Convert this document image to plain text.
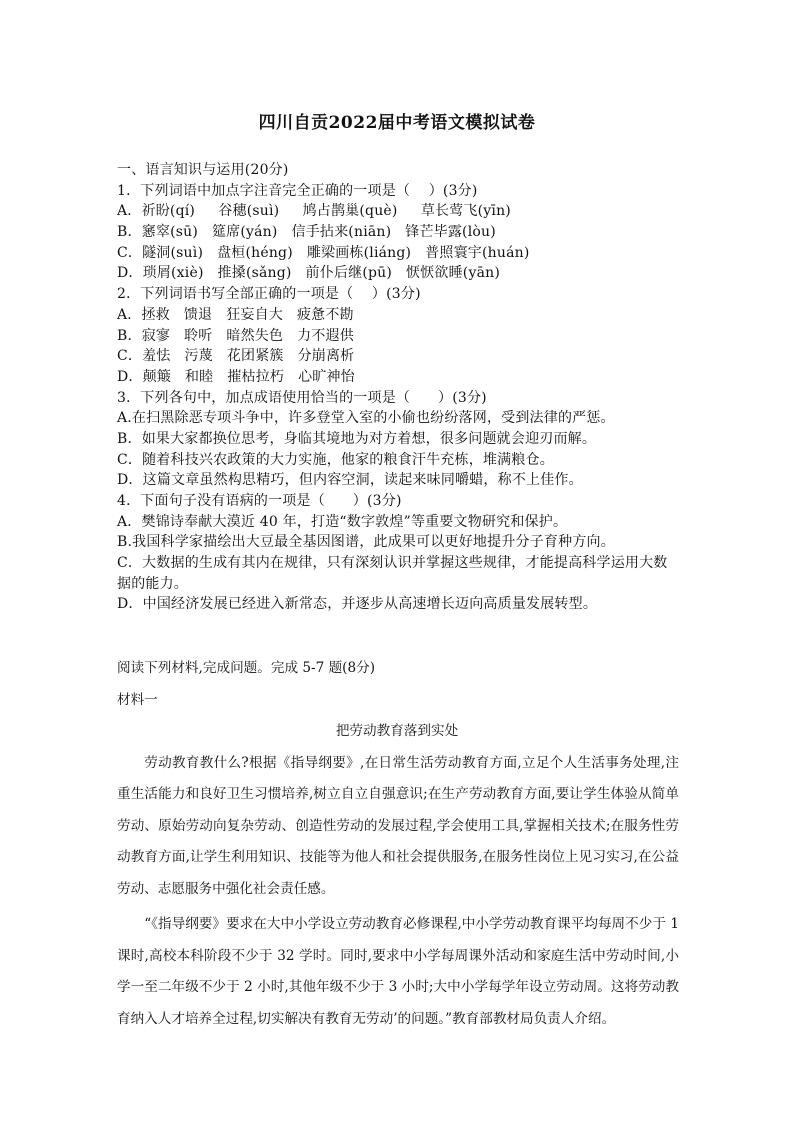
四川自贡2022届中考语文模拟试卷
一、语言知识与运用(20分)
1．下列词语中加点字注音完全正确的一项是（    ）(3分)
A．祈盼(qí)     谷穗(suì)     鸠占鹊巢(què)     草长莺飞(yīn)
B．窸窣(sū)   筵席(yán)   信手拈来(niān)   锋芒毕露(lòu)
C．隧洞(suì)   盘桓(héng)   雕梁画栋(liáng)   普照寰宇(huán)
D．琐屑(xiè)   推搡(sǎng)   前仆后继(pū)   恹恹欲睡(yān)
2．下列词语书写全部正确的一项是（    ）(3分)
A．拯救   馈退   狂妄自大   疲惫不勘
B．寂寥   聆听   暗然失色   力不遐供
C．羞怯   污蔑   花团紧簇   分崩离析
D．颠簸   和睦   摧枯拉朽   心旷神怡
3．下列各句中，加点成语使用恰当的一项是（      ）(3分)
A.在扫黑除恶专项斗争中，许多登堂入室的小偷也纷纷落网，受到法律的严惩。
B．如果大家都换位思考，身临其境地为对方着想，很多问题就会迎刃而解。
C．随着科技兴农政策的大力实施，他家的粮食汗牛充栋，堆满粮仓。
D．这篇文章虽然构思精巧，但内容空洞，读起来味同嚼蜡，称不上佳作。
4．下面句子没有语病的一项是（      ）(3分)
A．樊锦诗奉献大漠近 40 年，打造“数字敦煌”等重要文物研究和保护。
B.我国科学家描绘出大豆最全基因图谱，此成果可以更好地提升分子育种方向。
C．大数据的生成有其内在规律，只有深刻认识并掌握这些规律，才能提高科学运用大数据的能力。
D．中国经济发展已经进入新常态，并逐步从高速增长迈向高质量发展转型。
阅读下列材料,完成问题。完成 5-7 题(8分)
材料一
把劳动教育落到实处

劳动教育教什么?根据《指导纲要》,在日常生活劳动教育方面,立足个人生活事务处理,注重生活能力和良好卫生习惯培养,树立自立自强意识;在生产劳动教育方面,要让学生体验从简单劳动、原始劳动向复杂劳动、创造性劳动的发展过程,学会使用工具,掌握相关技术;在服务性劳动教育方面,让学生利用知识、技能等为他人和社会提供服务,在服务性岗位上见习实习,在公益劳动、志愿服务中强化社会责任感。

“《指导纲要》要求在大中小学设立劳动教育必修课程,中小学劳动教育课平均每周不少于 1 课时,高校本科阶段不少于 32 学时。同时,要求中小学每周课外活动和家庭生活中劳动时间,小学一至二年级不少于 2 小时,其他年级不少于 3 小时;大中小学每学年设立劳动周。这将劳动教育纳入人才培养全过程,切实解决有教育无劳动’的问题。”教育部教材局负责人介绍。
